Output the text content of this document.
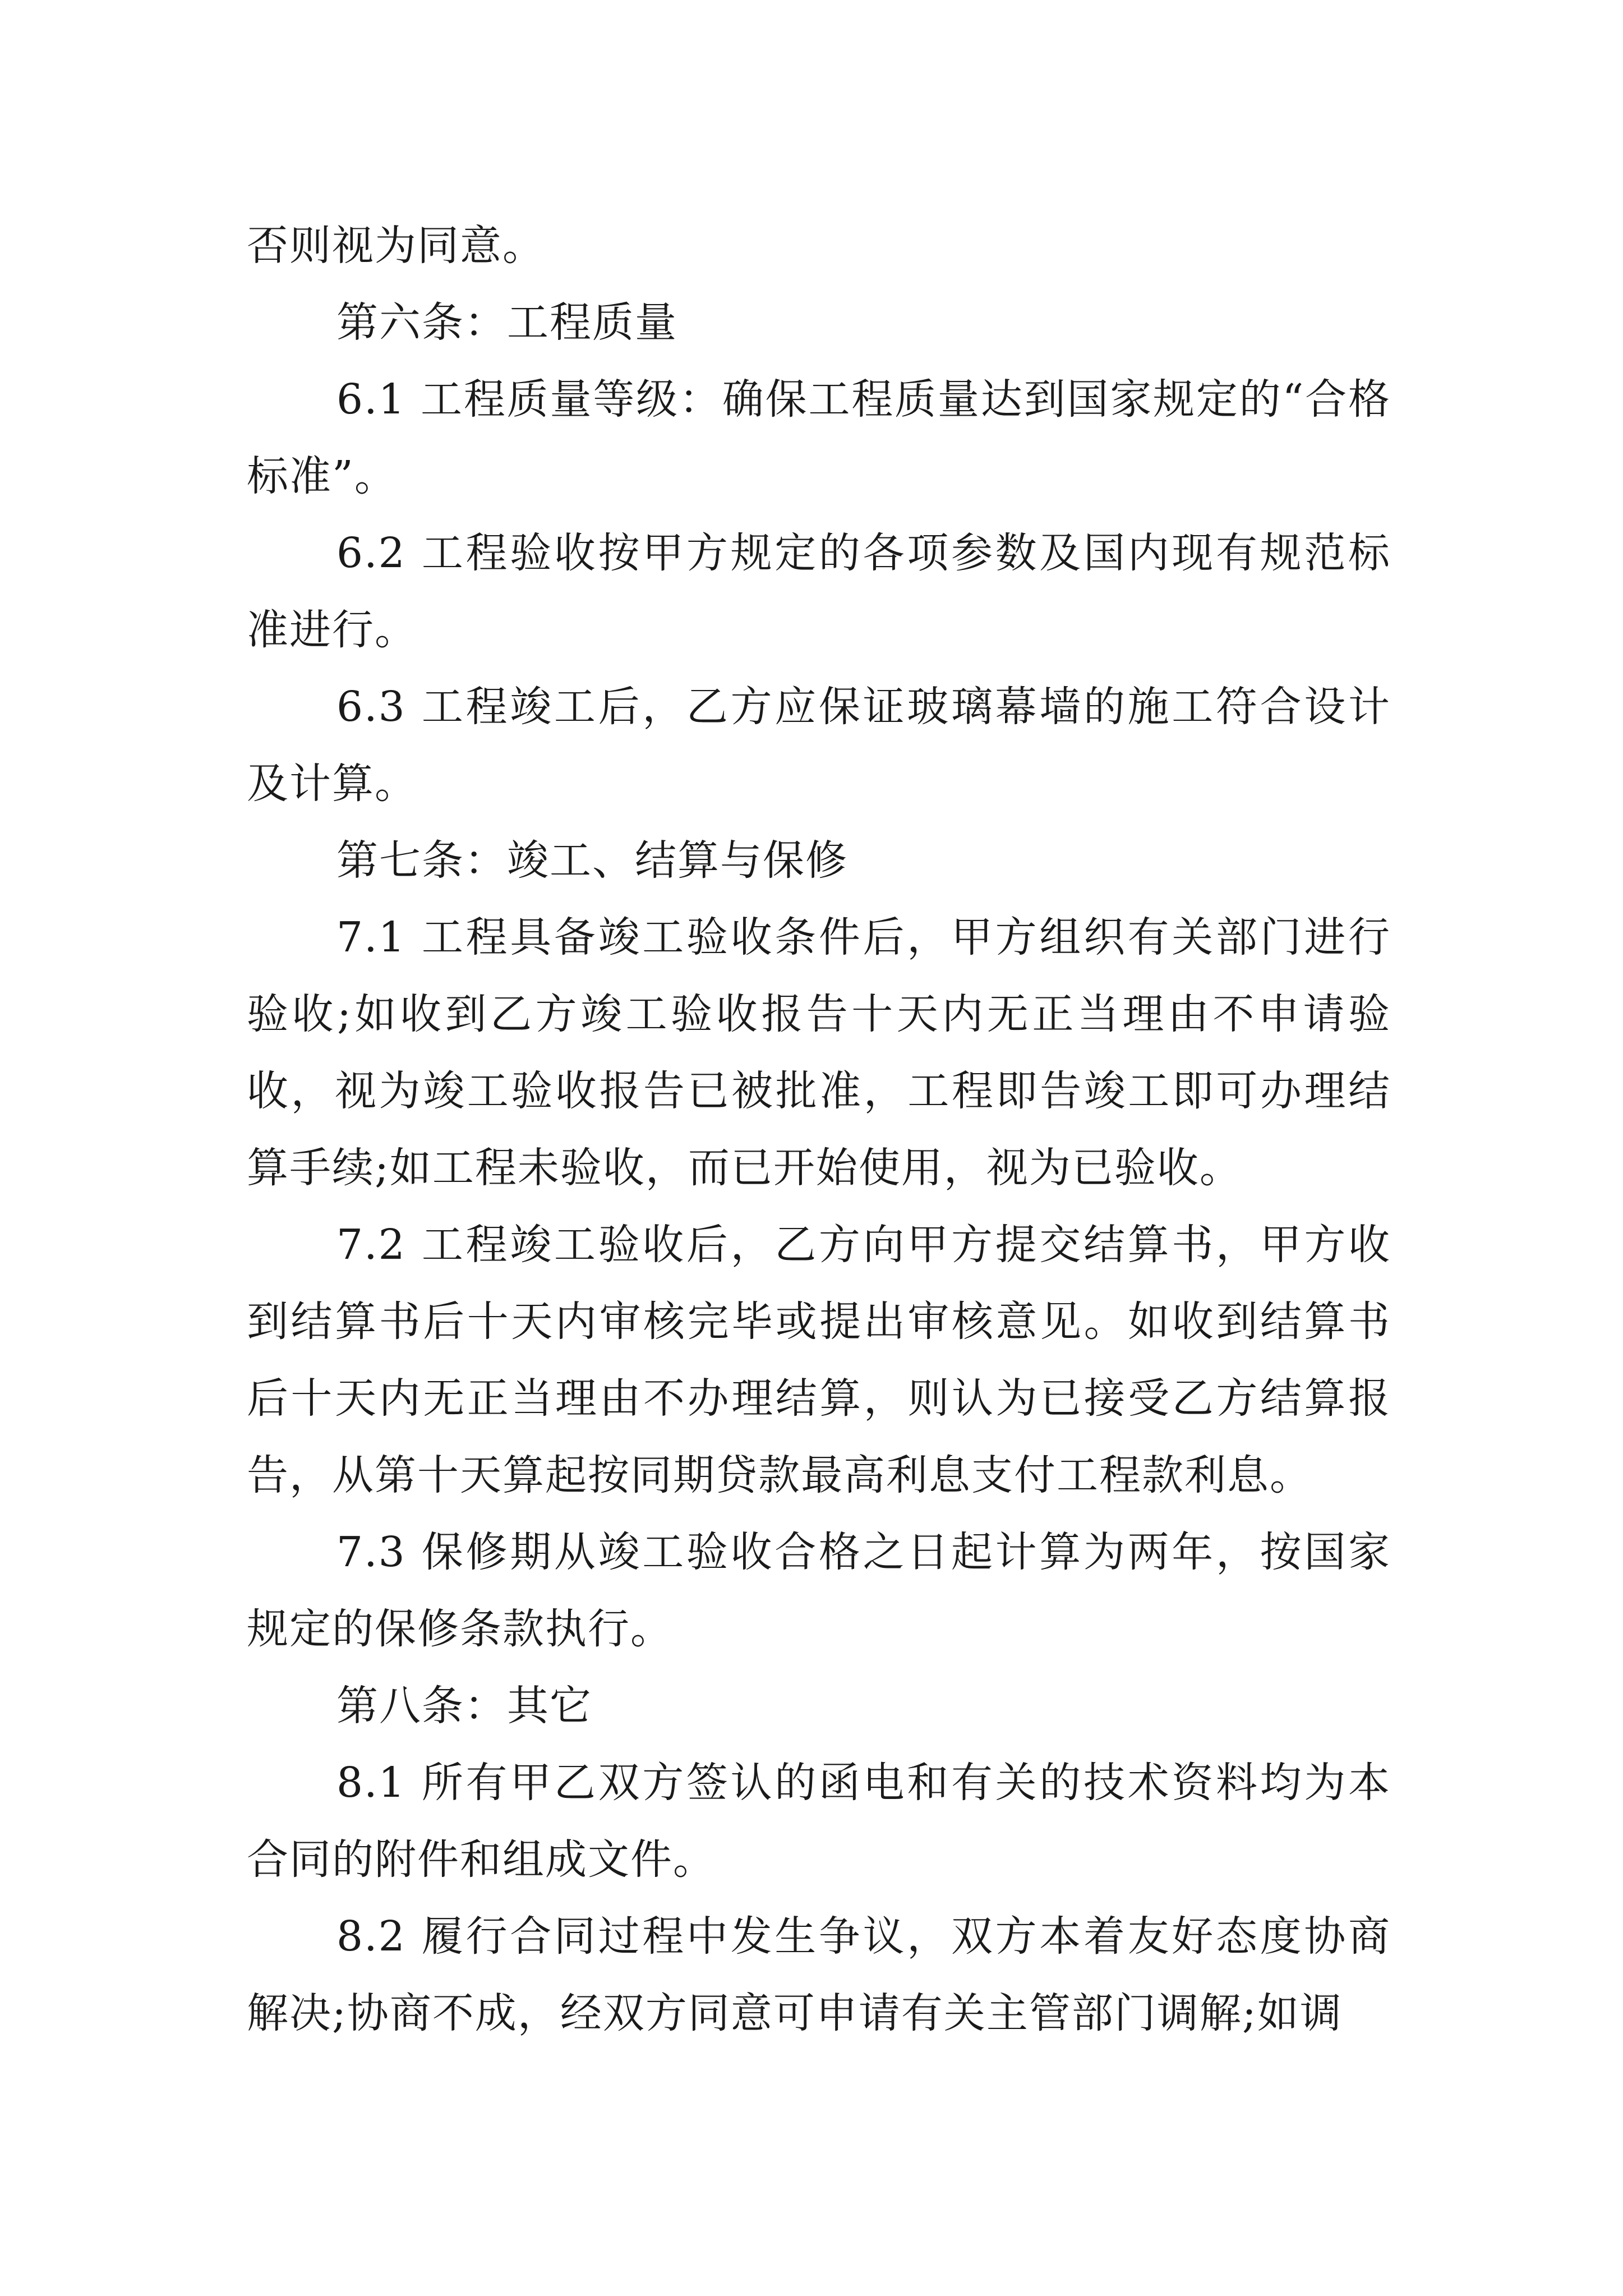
否则视为同意。

第六条：工程质量

6.1 工程质量等级：确保工程质量达到国家规定的“合格标准”。

6.2 工程验收按甲方规定的各项参数及国内现有规范标准进行。

6.3 工程竣工后，乙方应保证玻璃幕墙的施工符合设计及计算。

第七条：竣工、结算与保修

7.1 工程具备竣工验收条件后，甲方组织有关部门进行验收;如收到乙方竣工验收报告十天内无正当理由不申请验收，视为竣工验收报告已被批准，工程即告竣工即可办理结算手续;如工程未验收，而已开始使用，视为已验收。

7.2 工程竣工验收后，乙方向甲方提交结算书，甲方收到结算书后十天内审核完毕或提出审核意见。如收到结算书后十天内无正当理由不办理结算，则认为已接受乙方结算报告，从第十天算起按同期贷款最高利息支付工程款利息。

7.3 保修期从竣工验收合格之日起计算为两年，按国家规定的保修条款执行。

第八条：其它

8.1 所有甲乙双方签认的函电和有关的技术资料均为本合同的附件和组成文件。

8.2 履行合同过程中发生争议，双方本着友好态度协商解决;协商不成，经双方同意可申请有关主管部门调解;如调
